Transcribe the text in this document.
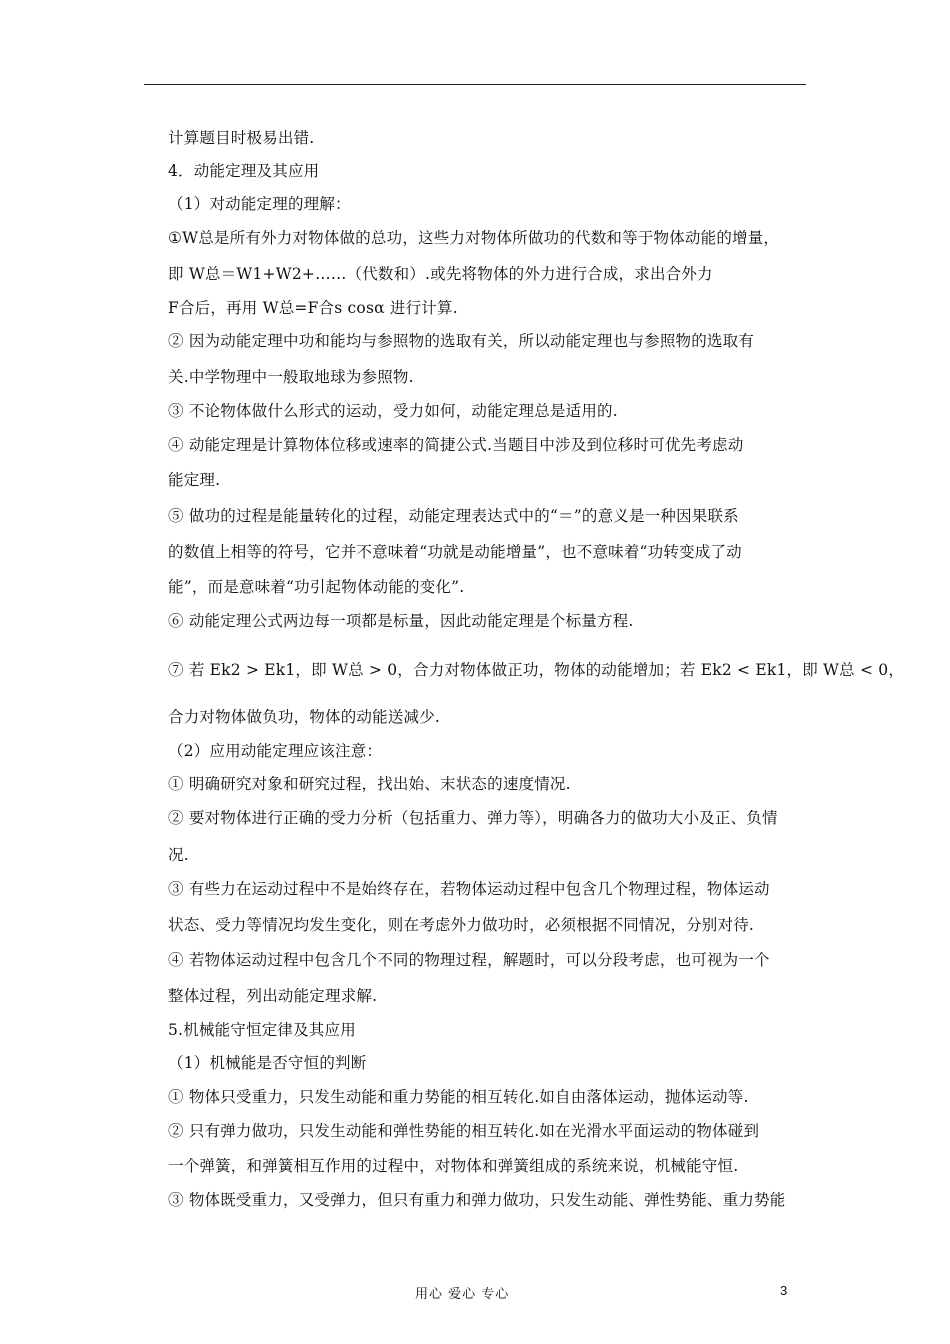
计算题目时极易出错.
4．动能定理及其应用
（1）对动能定理的理解：
①W总是所有外力对物体做的总功，这些力对物体所做功的代数和等于物体动能的增量，
即 W总＝W1+W2+……（代数和）.或先将物体的外力进行合成，求出合外力
F合后，再用 W总=F合s cosα 进行计算.
② 因为动能定理中功和能均与参照物的选取有关，所以动能定理也与参照物的选取有
关.中学物理中一般取地球为参照物.
③ 不论物体做什么形式的运动，受力如何，动能定理总是适用的.
④ 动能定理是计算物体位移或速率的简捷公式.当题目中涉及到位移时可优先考虑动
能定理.
⑤ 做功的过程是能量转化的过程，动能定理表达式中的“＝”的意义是一种因果联系
的数值上相等的符号，它并不意味着“功就是动能增量”，也不意味着“功转变成了动
能”，而是意味着“功引起物体动能的变化”.
⑥ 动能定理公式两边每一项都是标量，因此动能定理是个标量方程.
⑦ 若 Ek2 > Ek1，即 W总 > 0，合力对物体做正功，物体的动能增加；若 Ek2 < Ek1，即 W总 < 0，
合力对物体做负功，物体的动能送减少.
（2）应用动能定理应该注意：
① 明确研究对象和研究过程，找出始、末状态的速度情况.
② 要对物体进行正确的受力分析（包括重力、弹力等），明确各力的做功大小及正、负情
况.
③ 有些力在运动过程中不是始终存在，若物体运动过程中包含几个物理过程，物体运动
状态、受力等情况均发生变化，则在考虑外力做功时，必须根据不同情况，分别对待.
④ 若物体运动过程中包含几个不同的物理过程，解题时，可以分段考虑，也可视为一个
整体过程，列出动能定理求解.
5.机械能守恒定律及其应用
（1）机械能是否守恒的判断
① 物体只受重力，只发生动能和重力势能的相互转化.如自由落体运动，抛体运动等.
② 只有弹力做功，只发生动能和弹性势能的相互转化.如在光滑水平面运动的物体碰到
一个弹簧，和弹簧相互作用的过程中，对物体和弹簧组成的系统来说，机械能守恒.
③ 物体既受重力，又受弹力，但只有重力和弹力做功，只发生动能、弹性势能、重力势能
用心 爱心 专心	3
